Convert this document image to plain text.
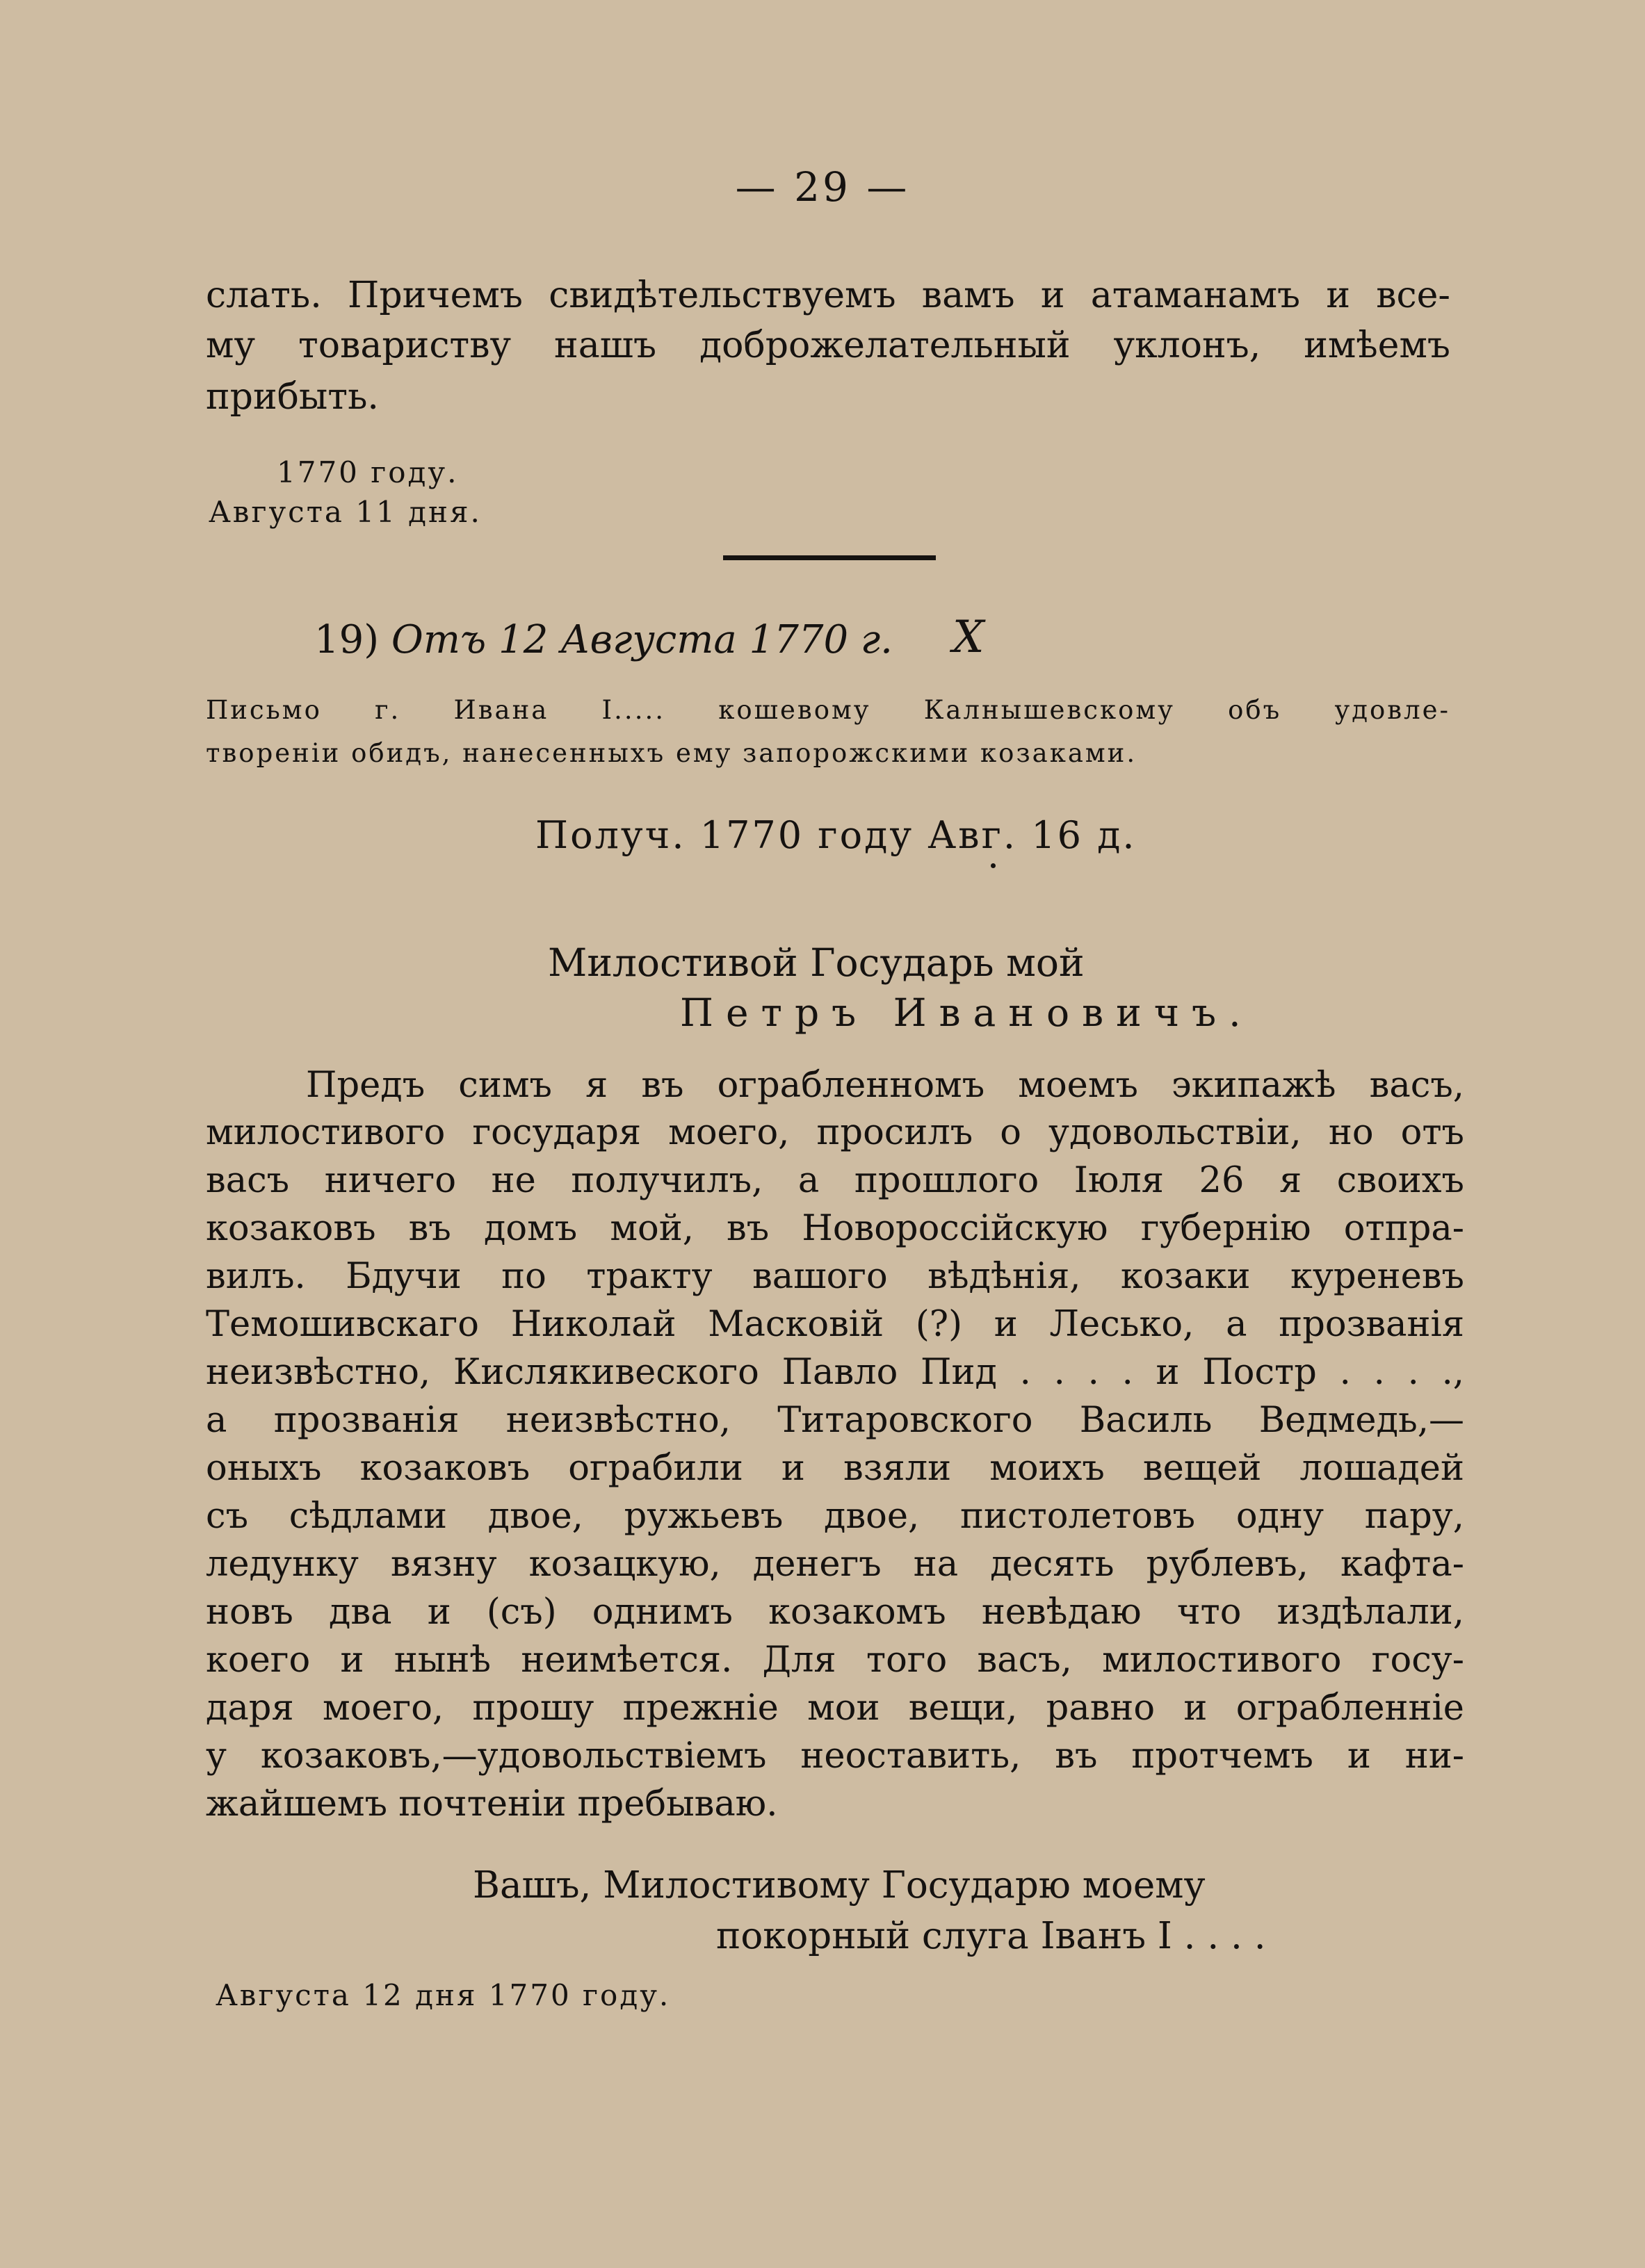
— 29 —
слать. Причемъ свидѣтельствуемъ вамъ и атаманамъ и все-
му товариству нашъ доброжелательный уклонъ, имѣемъ
прибыть.
1770 году.
Августа 11 дня.
19) Отъ 12 Августа 1770 г. X
Письмо г. Ивана I..... кошевому Калнышевскому объ удовле-
твореніи обидъ, нанесенныхъ ему запорожскими козаками.
Получ. 1770 году Авг. 16 д.
Милостивой Государь мой
Петръ Ивановичъ.
Предъ симъ я въ ограбленномъ моемъ экипажѣ васъ,
милостивого государя моего, просилъ о удовольствіи, но отъ
васъ ничего не получилъ, а прошлого Іюля 26 я своихъ
козаковъ въ домъ мой, въ Новороссійскую губернію отпра-
вилъ. Бдучи по тракту вашого вѣдѣнія, козаки куреневъ
Темошивскаго Николай Масковій (?) и Лесько, а прозванія
неизвѣстно, Кислякивеского Павло Пид . . . . и Постр . . . .,
а прозванія неизвѣстно, Титаровского Василь Ведмедь,—
оныхъ козаковъ ограбили и взяли моихъ вещей лошадей
съ сѣдлами двое, ружьевъ двое, пистолетовъ одну пару,
ледунку вязну козацкую, денегъ на десять рублевъ, кафта-
новъ два и (съ) однимъ козакомъ невѣдаю что издѣлали,
коего и нынѣ неимѣется. Для того васъ, милостивого госу-
даря моего, прошу прежніе мои вещи, равно и ограбленніе
у козаковъ,—удовольствіемъ неоставить, въ протчемъ и ни-
жайшемъ почтеніи пребываю.
Вашъ, Милостивому Государю моему
покорный слуга Іванъ I . . . .
Августа 12 дня 1770 году.
